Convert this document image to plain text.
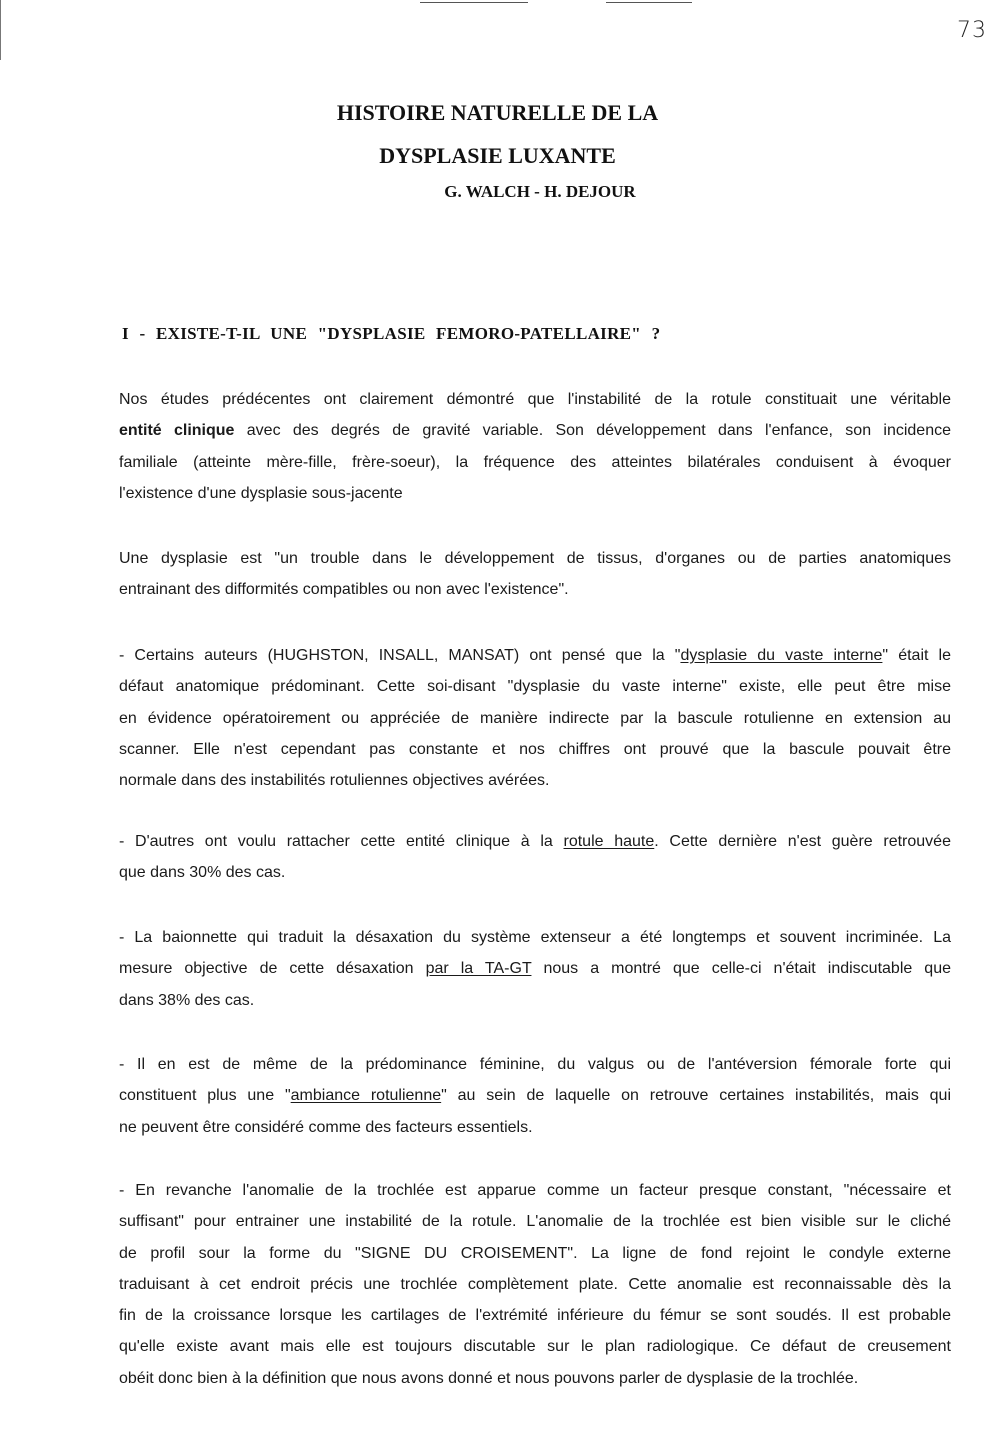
73
HISTOIRE NATURELLE DE LA
DYSPLASIE LUXANTE
G. WALCH - H. DEJOUR
I - EXISTE-T-IL UNE "DYSPLASIE FEMORO-PATELLAIRE" ?
Nos études prédécentes ont clairement démontré que l'instabilité de la rotule constituait une véritable
entité clinique avec des degrés de gravité variable. Son développement dans l'enfance, son incidence
familiale (atteinte mère-fille, frère-soeur), la fréquence des atteintes bilatérales conduisent à évoquer
l'existence d'une dysplasie sous-jacente
Une dysplasie est "un trouble dans le développement de tissus, d'organes ou de parties anatomiques
entrainant des difformités compatibles ou non avec l'existence".
- Certains auteurs (HUGHSTON, INSALL, MANSAT) ont pensé que la "dysplasie du vaste interne" était le
défaut anatomique prédominant. Cette soi-disant "dysplasie du vaste interne" existe, elle peut être mise
en évidence opératoirement ou appréciée de manière indirecte par la bascule rotulienne en extension au
scanner. Elle n'est cependant pas constante et nos chiffres ont prouvé que la bascule pouvait être
normale dans des instabilités rotuliennes objectives avérées.
- D'autres ont voulu rattacher cette entité clinique à la rotule haute. Cette dernière n'est guère retrouvée
que dans 30% des cas.
- La baionnette qui traduit la désaxation du système extenseur a été longtemps et souvent incriminée. La
mesure objective de cette désaxation par la TA-GT nous a montré que celle-ci n'était indiscutable que
dans 38% des cas.
- Il en est de même de la prédominance féminine, du valgus ou de l'antéversion fémorale forte qui
constituent plus une "ambiance rotulienne" au sein de laquelle on retrouve certaines instabilités, mais qui
ne peuvent être considéré comme des facteurs essentiels.
- En revanche l'anomalie de la trochlée est apparue comme un facteur presque constant, "nécessaire et
suffisant" pour entrainer une instabilité de la rotule. L'anomalie de la trochlée est bien visible sur le cliché
de profil sour la forme du "SIGNE DU CROISEMENT". La ligne de fond rejoint le condyle externe
traduisant à cet endroit précis une trochlée complètement plate. Cette anomalie est reconnaissable dès la
fin de la croissance lorsque les cartilages de l'extrémité inférieure du fémur se sont soudés. Il est probable
qu'elle existe avant mais elle est toujours discutable sur le plan radiologique. Ce défaut de creusement
obéit donc bien à la définition que nous avons donné et nous pouvons parler de dysplasie de la trochlée.
